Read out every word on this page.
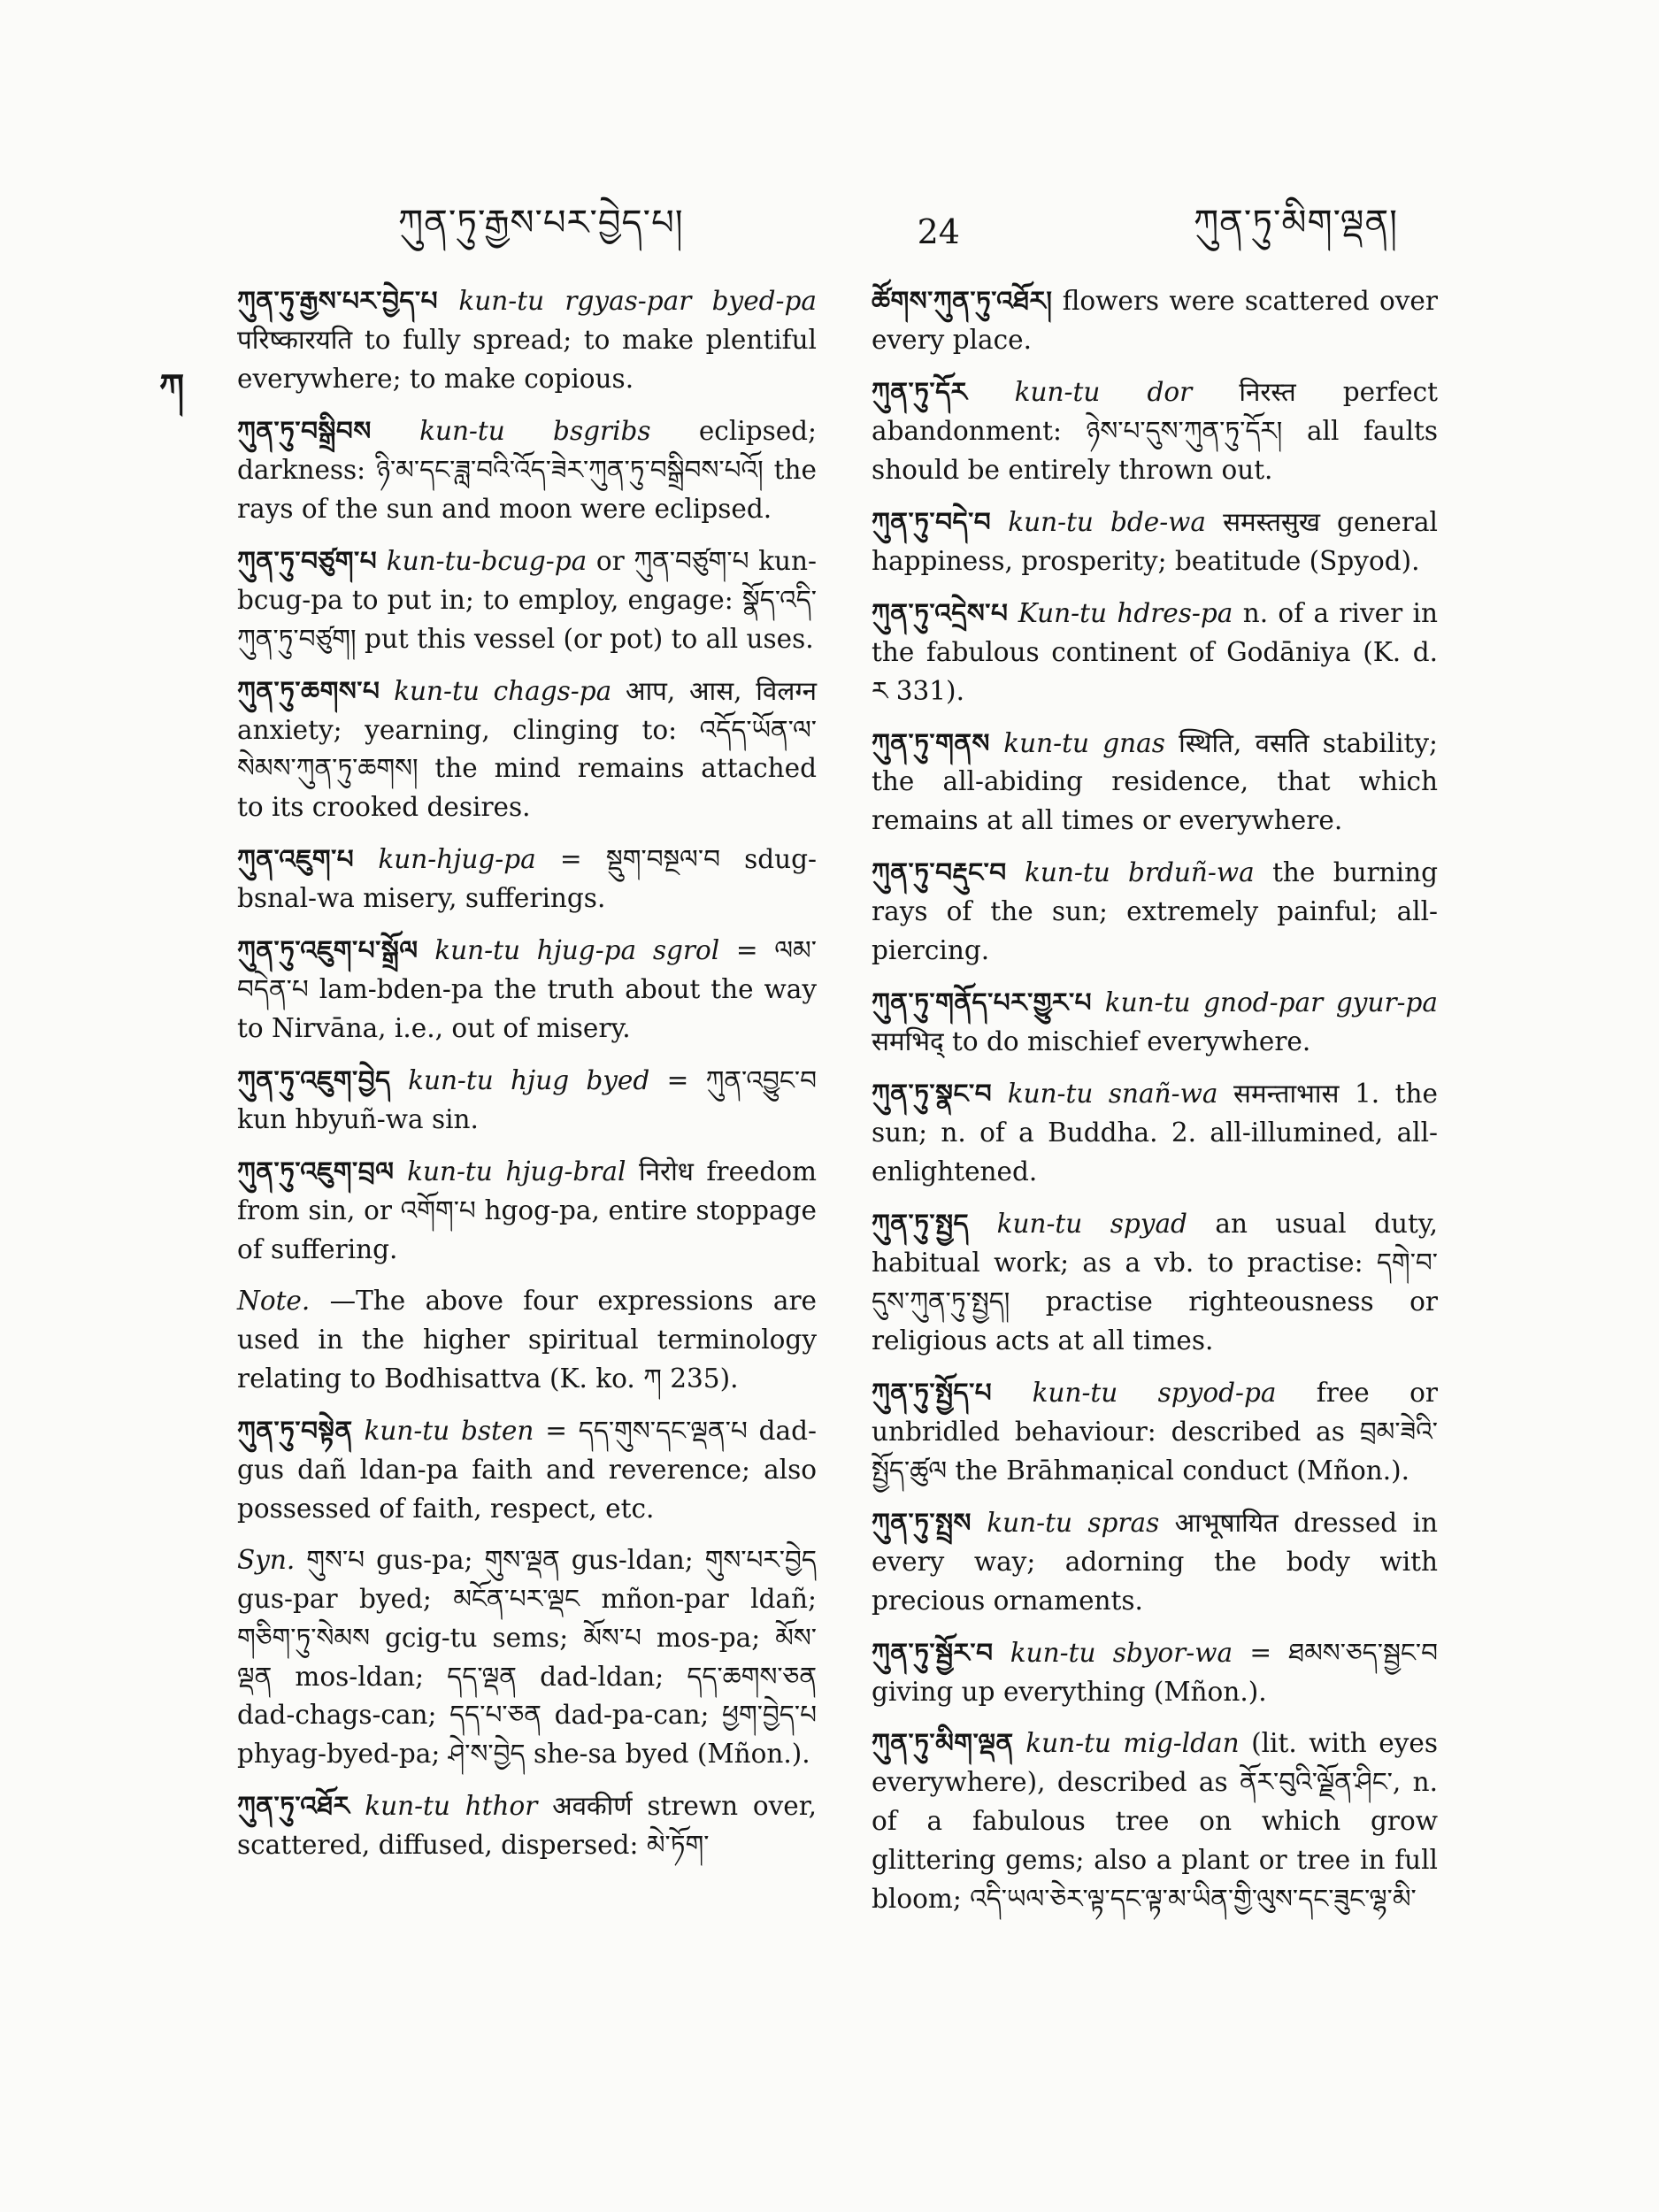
ཀུན་ཏུ་རྒྱས་པར་བྱེད་པ།	24	ཀུན་ཏུ་མིག་ལྡན།
ཀ

ཀུན་ཏུ་རྒྱས་པར་བྱེད་པ kun-tu rgyas-par byed-pa परिष्कारयति to fully spread; to make plentiful everywhere; to make copious.

ཀུན་ཏུ་བསྒྲིབས kun-tu bsgribs eclipsed; darkness: ཉི་མ་དང་ཟླ་བའི་འོད་ཟེར་ཀུན་ཏུ་བསྒྲིབས་པའོ། the rays of the sun and moon were eclipsed.

ཀུན་ཏུ་བཙུག་པ kun-tu-bcug-pa or ཀུན་བཙུག་པ kun-bcug-pa to put in; to employ, engage: སྣོད་འདི་ཀུན་ཏུ་བཙུག། put this vessel (or pot) to all uses.

ཀུན་ཏུ་ཆགས་པ kun-tu chags-pa आप, आस, विलग्न anxiety; yearning, clinging to: འདོད་ཡོན་ལ་སེམས་ཀུན་ཏུ་ཆགས། the mind remains attached to its crooked desires.

ཀུན་འཇུག་པ kun-hjug-pa = སྡུག་བསྔལ་བ sdug-bsnal-wa misery, sufferings.

ཀུན་ཏུ་འཇུག་པ་སྒྲོལ kun-tu hjug-pa sgrol = ལམ་བདེན་པ lam-bden-pa the truth about the way to Nirvāna, i.e., out of misery.

ཀུན་ཏུ་འཇུག་བྱེད kun-tu hjug byed = ཀུན་འབྱུང་བ kun hbyuñ-wa sin.

ཀུན་ཏུ་འཇུག་བྲལ kun-tu hjug-bral निरोध freedom from sin, or འགོག་པ hgog-pa, entire stoppage of suffering.

Note. —The above four expressions are used in the higher spiritual terminology relating to Bodhisattva (K. ko. ཀ 235).

ཀུན་ཏུ་བསྟེན kun-tu bsten = དད་གུས་དང་ལྡན་པ dad-gus dañ ldan-pa faith and reverence; also possessed of faith, respect, etc.

Syn. གུས་པ gus-pa; གུས་ལྡན gus-ldan; གུས་པར་བྱེད gus-par byed; མངོན་པར་ལྡང mñon-par ldañ; གཅིག་ཏུ་སེམས gcig-tu sems; མོས་པ mos-pa; མོས་ལྡན mos-ldan; དད་ལྡན dad-ldan; དད་ཆགས་ཅན dad-chags-can; དད་པ་ཅན dad-pa-can; ཕྱག་བྱེད་པ phyag-byed-pa; ཤེ་ས་བྱེད she-sa byed (Mñon.).

ཀུན་ཏུ་འཐོར kun-tu hthor अवकीर्ण strewn over, scattered, diffused, dispersed: མེ་ཏོག་

ཚོགས་ཀུན་ཏུ་འཐོར། flowers were scattered over every place.

ཀུན་ཏུ་དོར kun-tu dor निरस्त perfect abandonment: ཉེས་པ་དུས་ཀུན་ཏུ་དོར། all faults should be entirely thrown out.

ཀུན་ཏུ་བདེ་བ kun-tu bde-wa समस्तसुख general happiness, prosperity; beatitude (Spyod).

ཀུན་ཏུ་འདྲེས་པ Kun-tu hdres-pa n. of a river in the fabulous continent of Godāniya (K. d. ར 331).

ཀུན་ཏུ་གནས kun-tu gnas स्थिति, वसति stability; the all-abiding residence, that which remains at all times or everywhere.

ཀུན་ཏུ་བརྡུང་བ kun-tu brduñ-wa the burning rays of the sun; extremely painful; all-piercing.

ཀུན་ཏུ་གནོད་པར་གྱུར་པ kun-tu gnod-par gyur-pa समभिद् to do mischief everywhere.

ཀུན་ཏུ་སྣང་བ kun-tu snañ-wa समन्ताभास 1. the sun; n. of a Buddha. 2. all-illumined, all-enlightened.

ཀུན་ཏུ་སྤྱད kun-tu spyad an usual duty, habitual work; as a vb. to practise: དགེ་བ་དུས་ཀུན་ཏུ་སྤྱད། practise righteousness or religious acts at all times.

ཀུན་ཏུ་སྤྱོད་པ kun-tu spyod-pa free or unbridled behaviour: described as བྲམ་ཟེའི་སྤྱོད་ཚུལ the Brāhmaṇical conduct (Mñon.).

ཀུན་ཏུ་སྤྲས kun-tu spras आभूषायित dressed in every way; adorning the body with precious ornaments.

ཀུན་ཏུ་སྦྱོར་བ kun-tu sbyor-wa = ཐམས་ཅད་སྦྱང་བ giving up everything (Mñon.).

ཀུན་ཏུ་མིག་ལྡན kun-tu mig-ldan (lit. with eyes everywhere), described as ནོར་བུའི་ལྗོན་ཤིང་, n. of a fabulous tree on which grow glittering gems; also a plant or tree in full bloom; འདི་ཡལ་ཅེར་ལྟ་དང་ལྟ་མ་ཡིན་གྱི་ལུས་དང་ཟུང་ལྷ་མི་
